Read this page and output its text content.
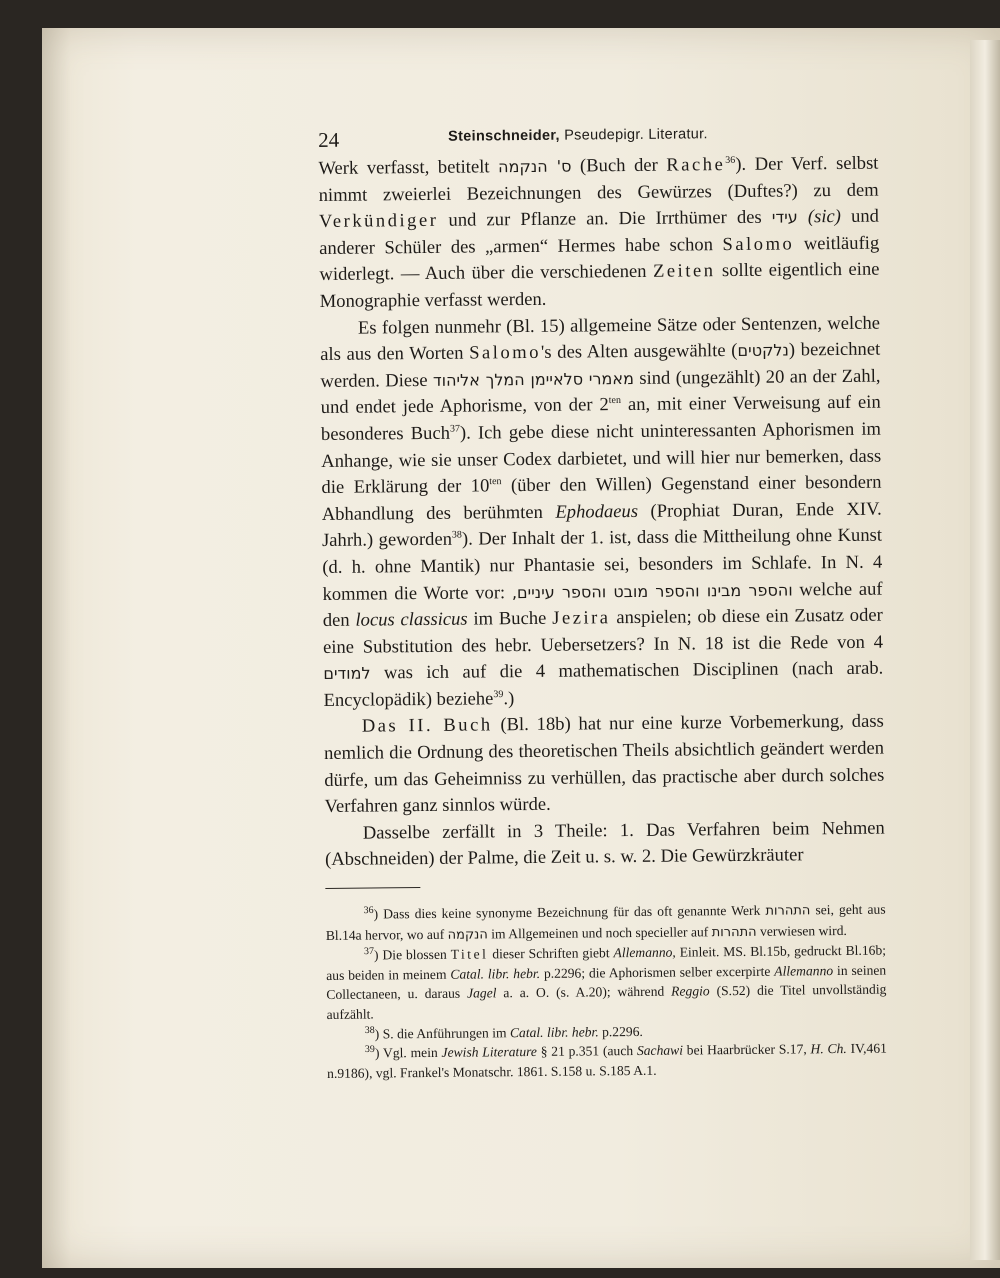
24	Steinschneider, Pseudepigr. Literatur.

Werk verfasst, betitelt ס' הנקמה (Buch der Rache$^{36}$). Der Verf. selbst nimmt zweierlei Bezeichnungen des Gewürzes (Duftes?) zu dem Verkündiger und zur Pflanze an. Die Irrthümer des עידי (sic) und anderer Schüler des „armen“ Hermes habe schon Salomo weitläufig widerlegt. — Auch über die verschiedenen Zeiten sollte eigentlich eine Monographie verfasst werden.

Es folgen nunmehr (Bl. 15) allgemeine Sätze oder Sentenzen, welche als aus den Worten Salomo's des Alten ausgewählte (נלקטים) bezeichnet werden. Diese מאמרי סלאיימן המלך אליהוד sind (ungezählt) 20 an der Zahl, und endet jede Aphorisme, von der $2^{ten}$ an, mit einer Verweisung auf ein besonderes Buch$^{37}$). Ich gebe diese nicht uninteressanten Aphorismen im Anhange, wie sie unser Codex darbietet, und will hier nur bemerken, dass die Erklärung der $10^{ten}$ (über den Willen) Gegenstand einer besondern Abhandlung des berühmten Ephodaeus (Prophiat Duran, Ende XIV. Jahrh.) geworden$^{38}$). Der Inhalt der 1. ist, dass die Mittheilung ohne Kunst (d. h. ohne Mantik) nur Phantasie sei, besonders im Schlafe. In N. 4 kommen die Worte vor: והספר מבינו והספר מובט והספר עיניים, welche auf den locus classicus im Buche Jezira anspielen; ob diese ein Zusatz oder eine Substitution des hebr. Uebersetzers? In N. 18 ist die Rede von 4 למודים was ich auf die 4 mathematischen Disciplinen (nach arab. Encyclopädik) beziehe$^{39}$.)

Das II. Buch (Bl. 18b) hat nur eine kurze Vorbemerkung, dass nemlich die Ordnung des theoretischen Theils absichtlich geändert werden dürfe, um das Geheimniss zu verhüllen, das practische aber durch solches Verfahren ganz sinnlos würde.

Dasselbe zerfällt in 3 Theile: 1. Das Verfahren beim Nehmen (Abschneiden) der Palme, die Zeit u. s. w. 2. Die Gewürzkräuter

$^{36}$) Dass dies keine synonyme Bezeichnung für das oft genannte Werk התהרות sei, geht aus Bl.14a hervor, wo auf הנקמה im Allgemeinen und noch specieller auf התהרות verwiesen wird.

$^{37}$) Die blossen Titel dieser Schriften giebt Allemanno, Einleit. MS. Bl.15b, gedruckt Bl.16b; aus beiden in meinem Catal. libr. hebr. p.2296; die Aphorismen selber excerpirte Allemanno in seinen Collectaneen, u. daraus Jagel a. a. O. (s. A.20); während Reggio (S.52) die Titel unvollständig aufzählt.

$^{38}$) S. die Anführungen im Catal. libr. hebr. p.2296.

$^{39}$) Vgl. mein Jewish Literature § 21 p.351 (auch Sachawi bei Haarbrücker S.17, H. Ch. IV,461 n.9186), vgl. Frankel's Monatschr. 1861. S.158 u. S.185 A.1.
